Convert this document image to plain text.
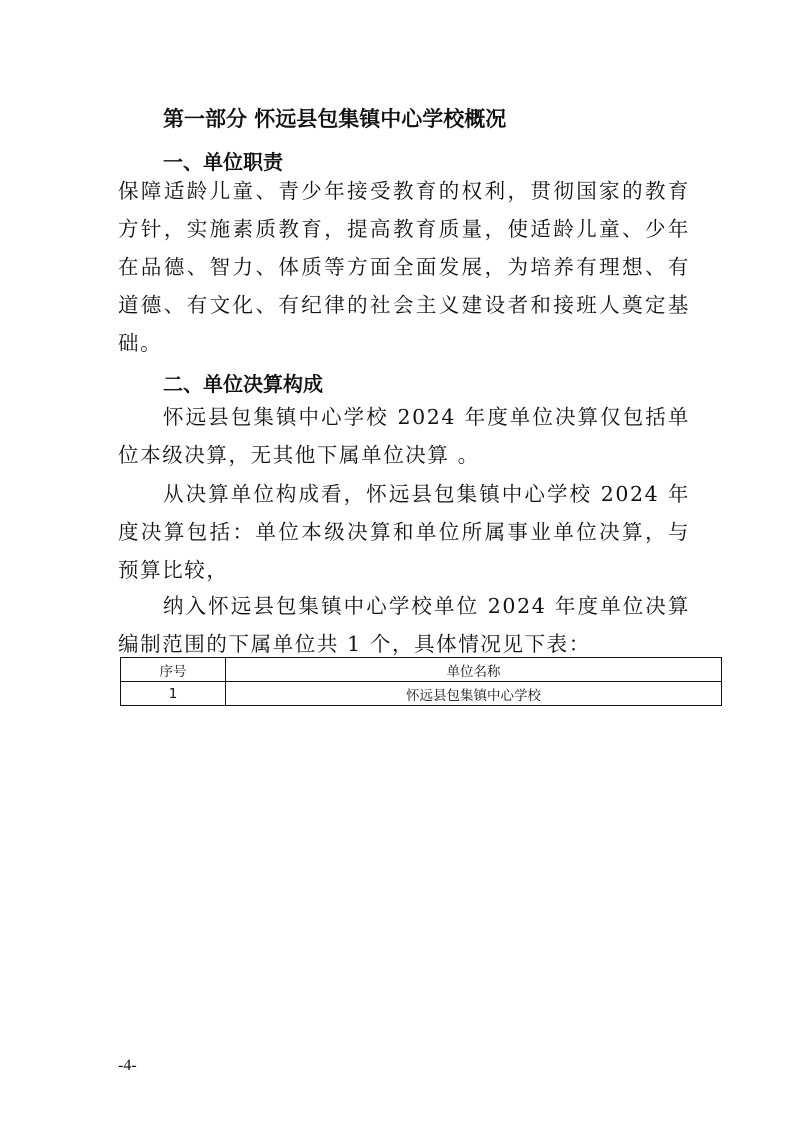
第一部分 怀远县包集镇中心学校概况
一、单位职责

保障适龄儿童、青少年接受教育的权利，贯彻国家的教育方针，实施素质教育，提高教育质量，使适龄儿童、少年在品德、智力、体质等方面全面发展，为培养有理想、有道德、有文化、有纪律的社会主义建设者和接班人奠定基础。

二、单位决算构成

怀远县包集镇中心学校 2024 年度单位决算仅包括单位本级决算，无其他下属单位决算 。

从决算单位构成看，怀远县包集镇中心学校 2024 年度决算包括：单位本级决算和单位所属事业单位决算，与预算比较，

纳入怀远县包集镇中心学校单位 2024 年度单位决算编制范围的下属单位共 1 个，具体情况见下表：

序号	单位名称
1	怀远县包集镇中心学校
-4-
